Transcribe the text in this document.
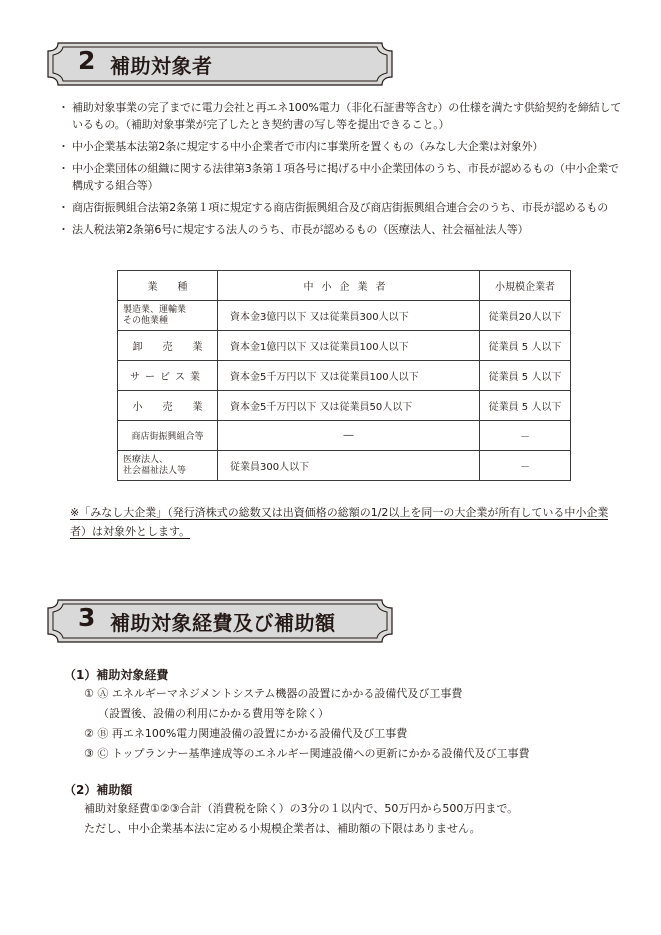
2 補助対象者
・ 補助対象事業の完了までに電力会社と再エネ100%電力（非化石証書等含む）の仕様を満たす供給契約を締結しているもの。（補助対象事業が完了したとき契約書の写し等を提出できること。）
・ 中小企業基本法第2条に規定する中小企業者で市内に事業所を置くもの（みなし大企業は対象外）
・ 中小企業団体の組織に関する法律第3条第１項各号に掲げる中小企業団体のうち、市長が認めるもの（中小企業で構成する組合等）
・ 商店街振興組合法第2条第１項に規定する商店街振興組合及び商店街振興組合連合会のうち、市長が認めるもの
・ 法人税法第2条第6号に規定する法人のうち、市長が認めるもの（医療法人、社会福祉法人等）
業　　種	中小企業者	小規模企業者
製造業、運輸業
その他業種	資本金3億円以下 又は従業員300人以下	従業員20人以下
卸　　売　　業	資本金1億円以下 又は従業員100人以下	従業員 5 人以下
サービス業	資本金5千万円以下 又は従業員100人以下	従業員 5 人以下
小　　売　　業	資本金5千万円以下 又は従業員50人以下	従業員 5 人以下
商店街振興組合等	―	－
医療法人、
社会福祉法人等	従業員300人以下	－
※「みなし大企業」（発行済株式の総数又は出資価格の総額の1/2以上を同一の大企業が所有している中小企業者）は対象外とします。
3 補助対象経費及び補助額
（1）補助対象経費
① Ⓐ エネルギーマネジメントシステム機器の設置にかかる設備代及び工事費
（設置後、設備の利用にかかる費用等を除く）
② Ⓑ 再エネ100%電力関連設備の設置にかかる設備代及び工事費
③ Ⓒ トップランナー基準達成等のエネルギー関連設備への更新にかかる設備代及び工事費
（2）補助額
補助対象経費①②③合計（消費税を除く）の3分の１以内で、50万円から500万円まで。
ただし、中小企業基本法に定める小規模企業者は、補助額の下限はありません。
